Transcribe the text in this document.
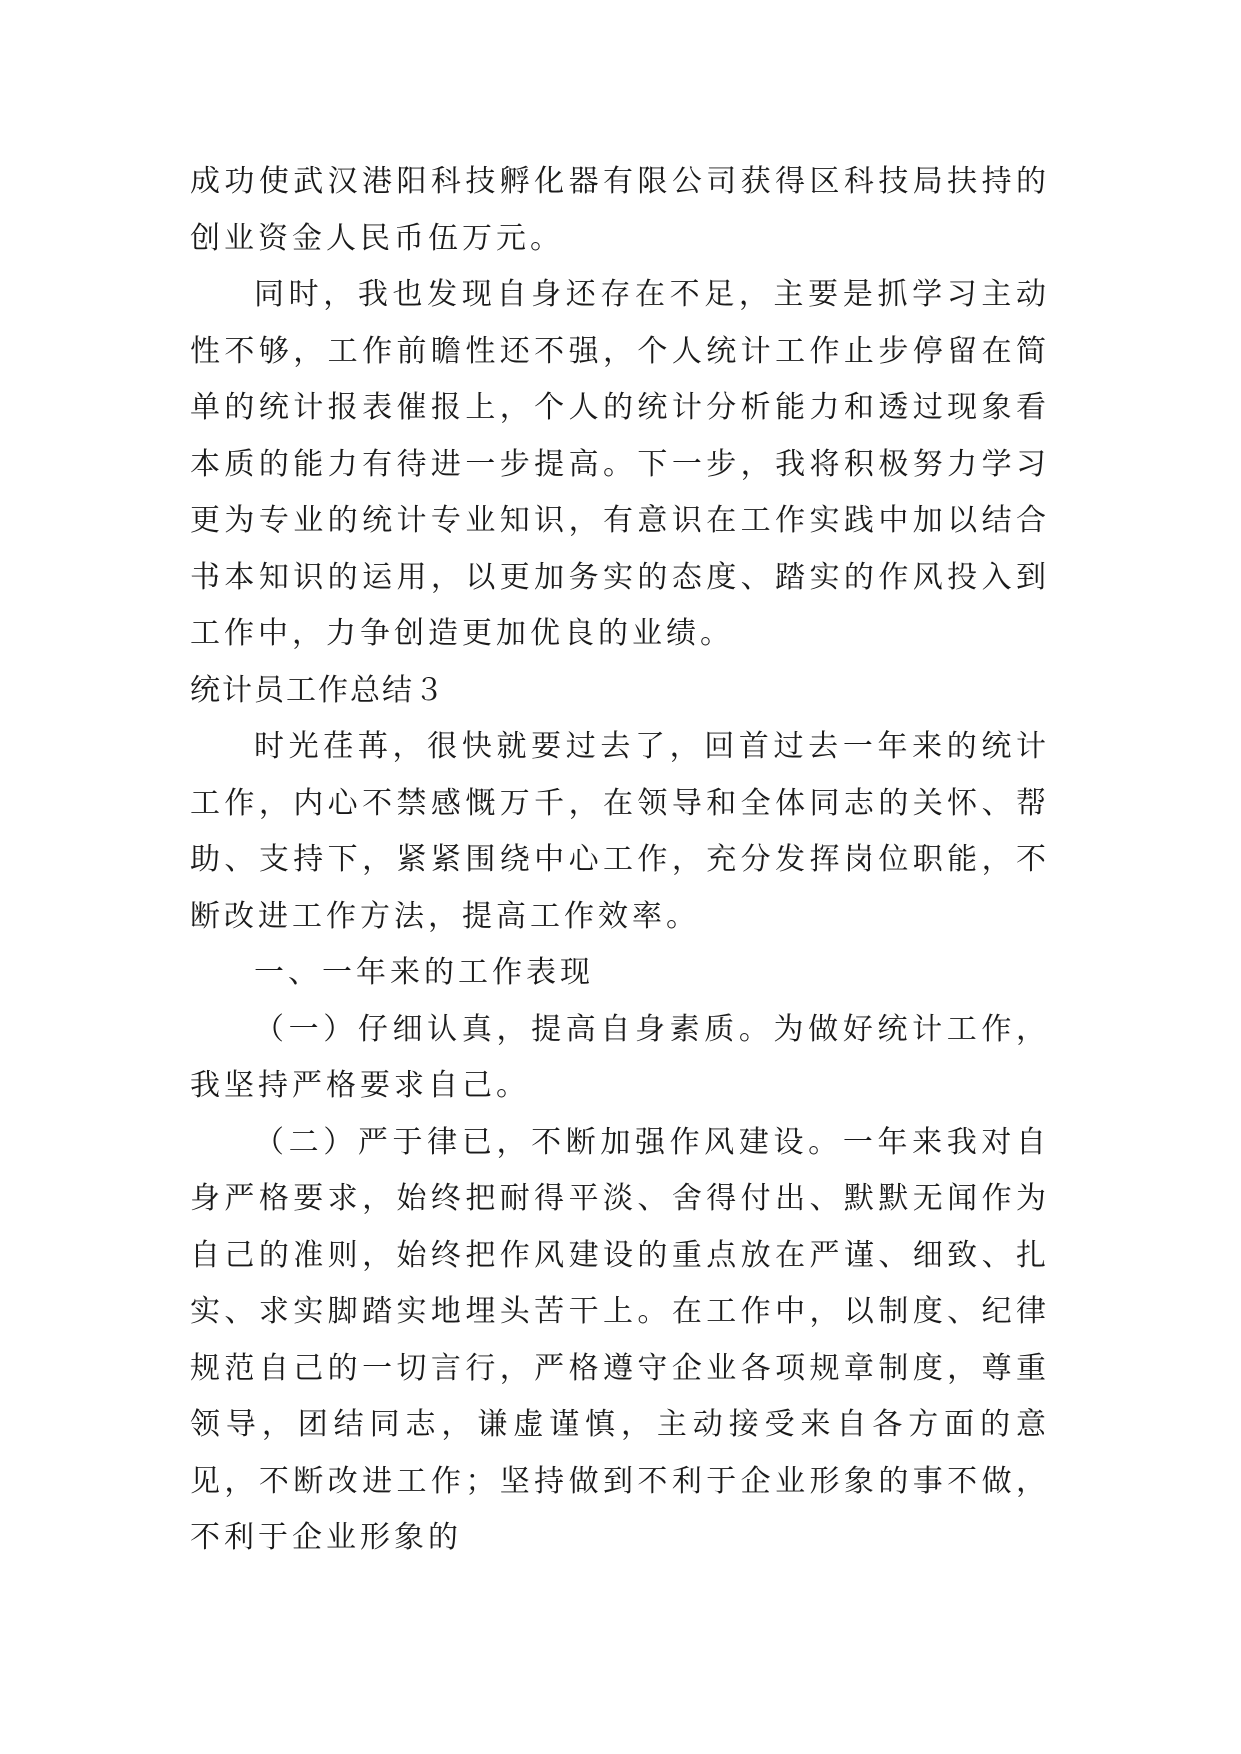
成功使武汉港阳科技孵化器有限公司获得区科技局扶持的创业资金人民币伍万元。

同时，我也发现自身还存在不足，主要是抓学习主动性不够，工作前瞻性还不强，个人统计工作止步停留在简单的统计报表催报上，个人的统计分析能力和透过现象看本质的能力有待进一步提高。下一步，我将积极努力学习更为专业的统计专业知识，有意识在工作实践中加以结合书本知识的运用，以更加务实的态度、踏实的作风投入到工作中，力争创造更加优良的业绩。

统计员工作总结３

时光荏苒，很快就要过去了，回首过去一年来的统计工作，内心不禁感慨万千，在领导和全体同志的关怀、帮助、支持下，紧紧围绕中心工作，充分发挥岗位职能，不断改进工作方法，提高工作效率。

一、一年来的工作表现

（一）仔细认真，提高自身素质。为做好统计工作，我坚持严格要求自己。

（二）严于律已，不断加强作风建设。一年来我对自身严格要求，始终把耐得平淡、舍得付出、默默无闻作为自己的准则，始终把作风建设的重点放在严谨、细致、扎实、求实脚踏实地埋头苦干上。在工作中，以制度、纪律规范自己的一切言行，严格遵守企业各项规章制度，尊重领导，团结同志，谦虚谨慎，主动接受来自各方面的意见，不断改进工作；坚持做到不利于企业形象的事不做，不利于企业形象的
